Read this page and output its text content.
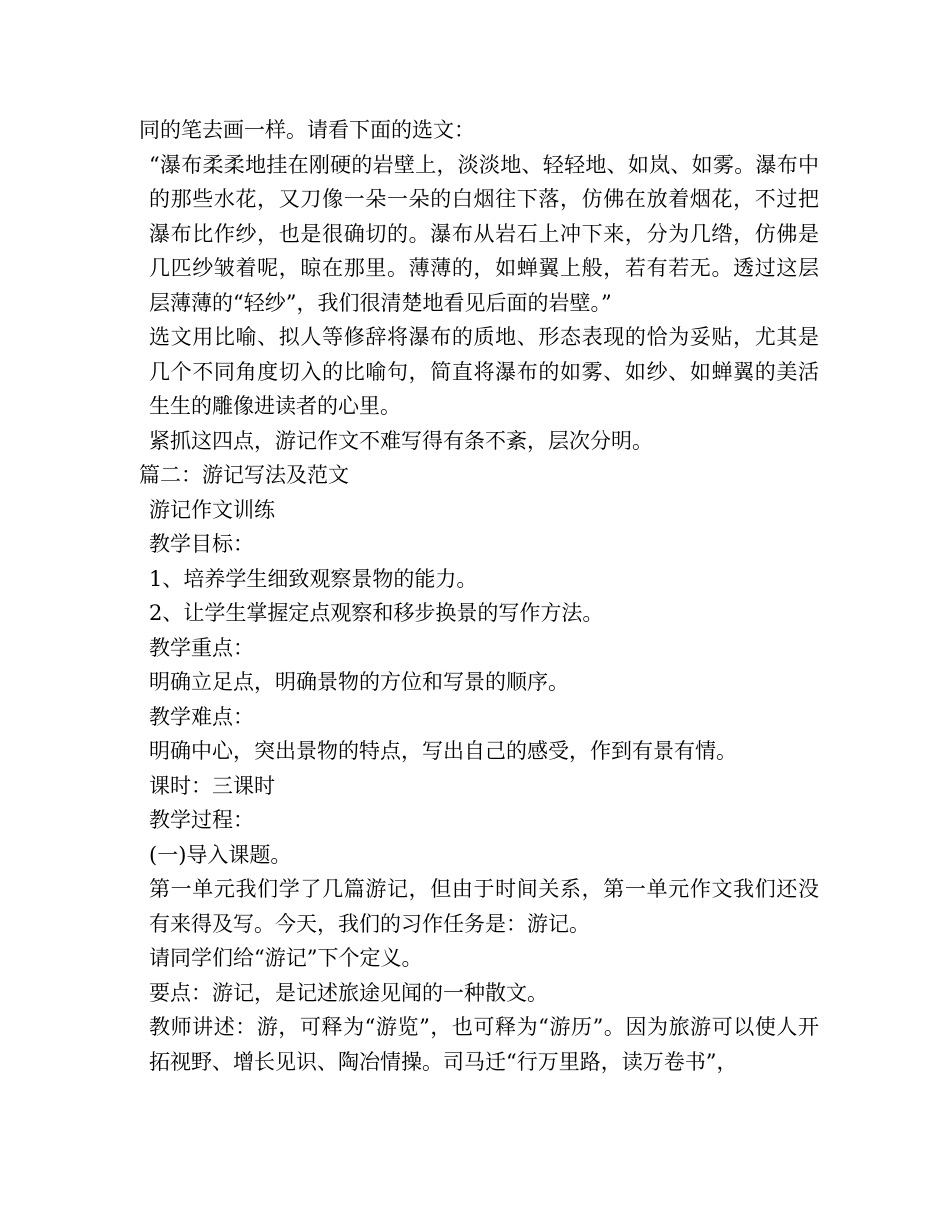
同的笔去画一样。请看下面的选文：

“瀑布柔柔地挂在刚硬的岩壁上，淡淡地、轻轻地、如岚、如雾。瀑布中的那些水花，又刀像一朵一朵的白烟往下落，仿佛在放着烟花，不过把瀑布比作纱，也是很确切的。瀑布从岩石上冲下来，分为几绺，仿佛是几匹纱皱着呢，晾在那里。薄薄的，如蝉翼上般，若有若无。透过这层层薄薄的“轻纱”，我们很清楚地看见后面的岩壁。”

选文用比喻、拟人等修辞将瀑布的质地、形态表现的恰为妥贴，尤其是几个不同角度切入的比喻句，简直将瀑布的如雾、如纱、如蝉翼的美活生生的雕像进读者的心里。

紧抓这四点，游记作文不难写得有条不紊，层次分明。

篇二：游记写法及范文

游记作文训练

教学目标：

1、培养学生细致观察景物的能力。

2、让学生掌握定点观察和移步换景的写作方法。

教学重点：

明确立足点，明确景物的方位和写景的顺序。

教学难点：

明确中心，突出景物的特点，写出自己的感受，作到有景有情。

课时：三课时

教学过程：

(一)导入课题。

第一单元我们学了几篇游记，但由于时间关系，第一单元作文我们还没有来得及写。今天，我们的习作任务是：游记。

请同学们给“游记”下个定义。

要点：游记，是记述旅途见闻的一种散文。

教师讲述：游，可释为“游览”，也可释为“游历”。因为旅游可以使人开拓视野、增长见识、陶冶情操。司马迁“行万里路，读万卷书”，
